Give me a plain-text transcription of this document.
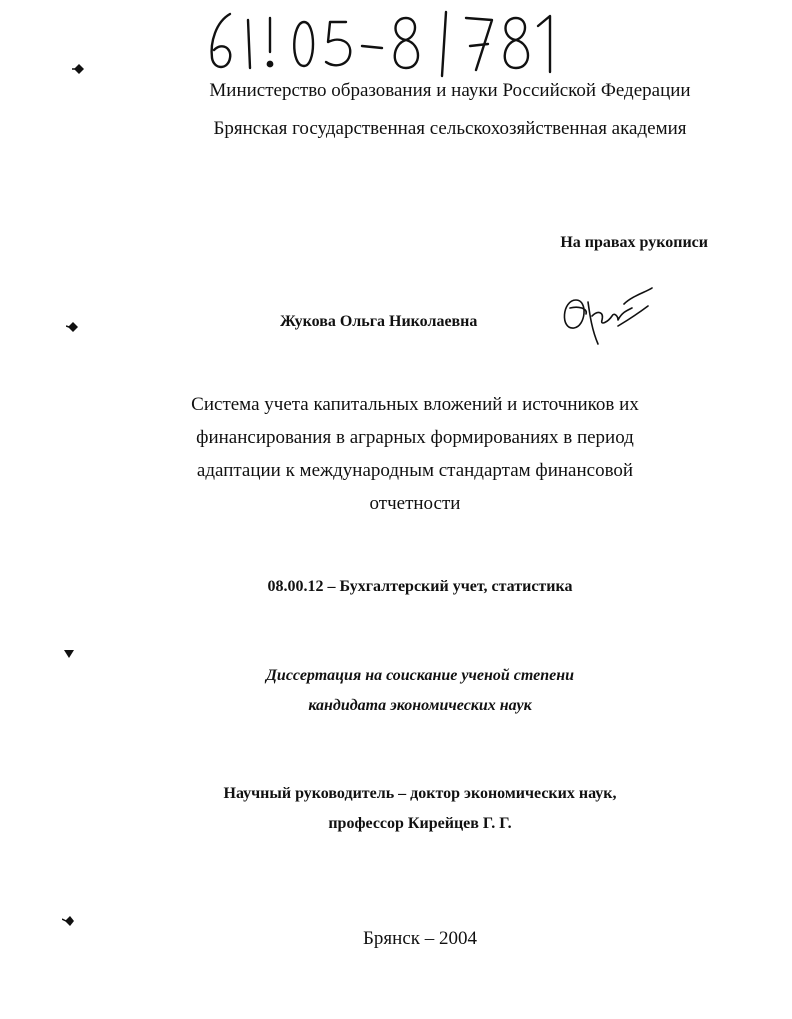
Министерство образования и науки Российской Федерации
Брянская государственная сельскохозяйственная академия
На правах рукописи
Жукова Ольга Николаевна
Система учета капитальных вложений и источников их
финансирования в аграрных формированиях в период
адаптации к международным стандартам финансовой
отчетности
08.00.12 – Бухгалтерский учет, статистика
Диссертация на соискание ученой степени
кандидата экономических наук
Научный руководитель – доктор экономических наук,
профессор Кирейцев Г. Г.
Брянск – 2004
